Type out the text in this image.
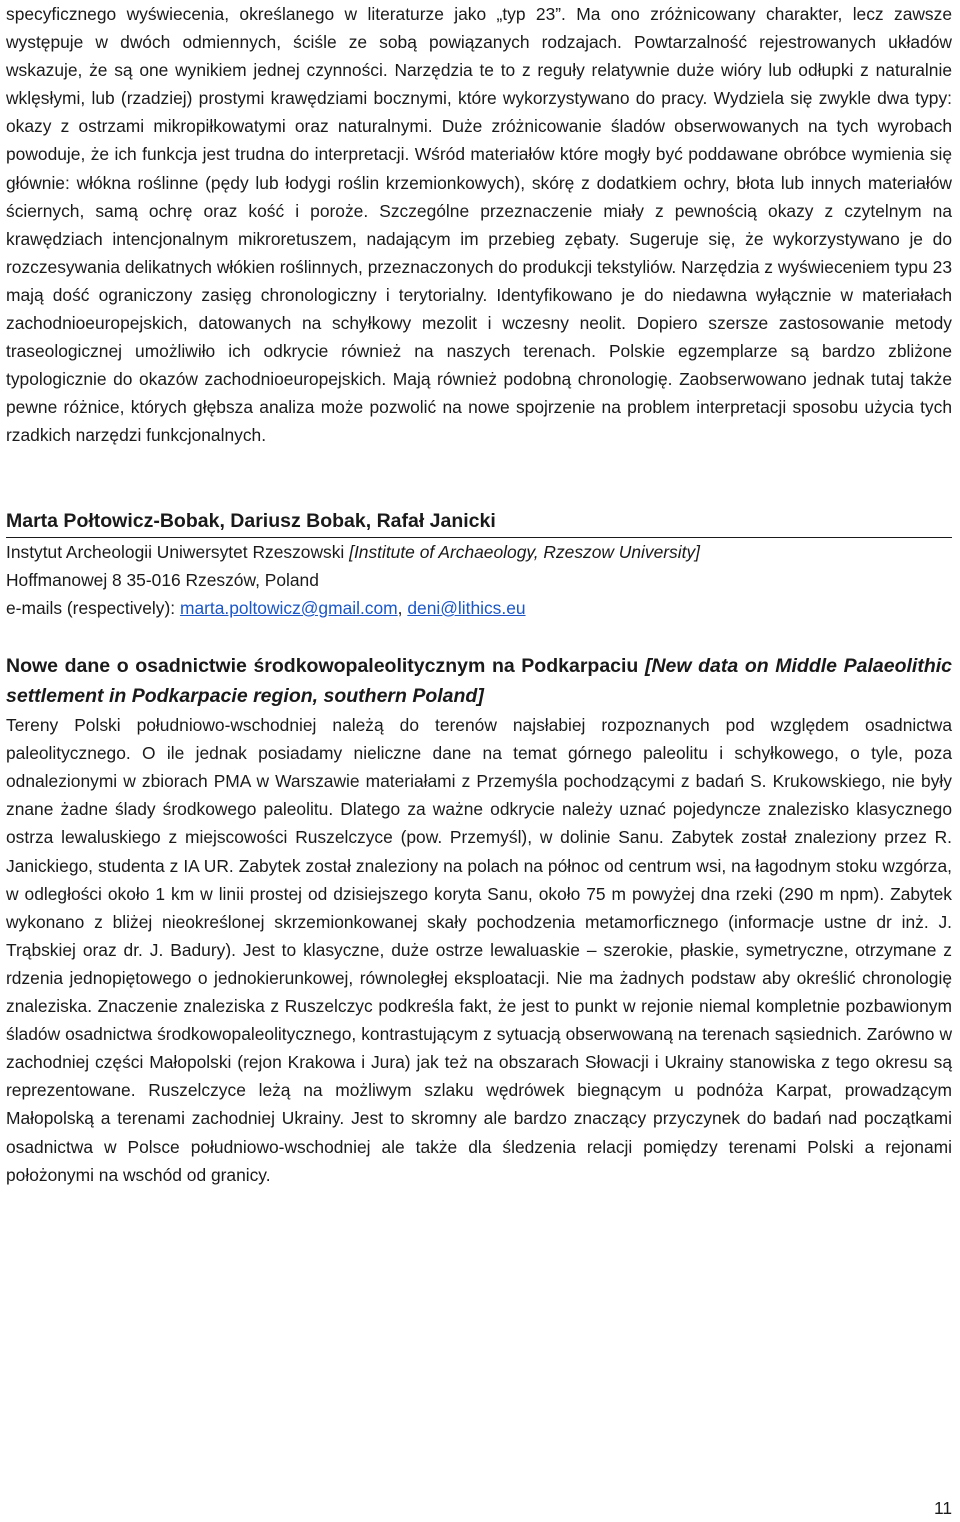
specyficznego wyświecenia, określanego w literaturze jako „typ 23”. Ma ono zróżnicowany charakter, lecz zawsze występuje w dwóch odmiennych, ściśle ze sobą powiązanych rodzajach. Powtarzalność rejestrowanych układów wskazuje, że są one wynikiem jednej czynności. Narzędzia te to z reguły relatywnie duże wióry lub odłupki z naturalnie wklęsłymi, lub (rzadziej) prostymi krawędziami bocznymi, które wykorzystywano do pracy. Wydziela się zwykle dwa typy: okazy z ostrzami mikropiłkowatymi oraz naturalnymi. Duże zróżnicowanie śladów obserwowanych na tych wyrobach powoduje, że ich funkcja jest trudna do interpretacji. Wśród materiałów które mogły być poddawane obróbce wymienia się głównie: włókna roślinne (pędy lub łodygi roślin krzemionkowych), skórę z dodatkiem ochry, błota lub innych materiałów ściernych, samą ochrę oraz kość i poroże. Szczególne przeznaczenie miały z pewnością okazy z czytelnym na krawędziach intencjonalnym mikroretuszem, nadającym im przebieg zębaty. Sugeruje się, że wykorzystywano je do rozczesywania delikatnych włókien roślinnych, przeznaczonych do produkcji tekstyliów. Narzędzia z wyświeceniem typu 23 mają dość ograniczony zasięg chronologiczny i terytorialny. Identyfikowano je do niedawna wyłącznie w materiałach zachodnioeuropejskich, datowanych na schyłkowy mezolit i wczesny neolit. Dopiero szersze zastosowanie metody traseologicznej umożliwiło ich odkrycie również na naszych terenach. Polskie egzemplarze są bardzo zbliżone typologicznie do okazów zachodnioeuropejskich. Mają również podobną chronologię. Zaobserwowano jednak tutaj także pewne różnice, których głębsza analiza może pozwolić na nowe spojrzenie na problem interpretacji sposobu użycia tych rzadkich narzędzi funkcjonalnych.

Marta Połtowicz-Bobak, Dariusz Bobak, Rafał Janicki

Instytut Archeologii Uniwersytet Rzeszowski [Institute of Archaeology, Rzeszow University]

Hoffmanowej 8 35-016 Rzeszów, Poland

e-mails (respectively): marta.poltowicz@gmail.com, deni@lithics.eu

Nowe dane o osadnictwie środkowopaleolitycznym na Podkarpaciu [New data on Middle Palaeolithic settlement in Podkarpacie region, southern Poland]

Tereny Polski południowo-wschodniej należą do terenów najsłabiej rozpoznanych pod względem osadnictwa paleolitycznego. O ile jednak posiadamy nieliczne dane na temat górnego paleolitu i schyłkowego, o tyle, poza odnalezionymi w zbiorach PMA w Warszawie materiałami z Przemyśla pochodzącymi z badań S. Krukowskiego, nie były znane żadne ślady środkowego paleolitu. Dlatego za ważne odkrycie należy uznać pojedyncze znalezisko klasycznego ostrza lewaluskiego z miejscowości Ruszelczyce (pow. Przemyśl), w dolinie Sanu. Zabytek został znaleziony przez R. Janickiego, studenta z IA UR. Zabytek został znaleziony na polach na północ od centrum wsi, na łagodnym stoku wzgórza, w odległości około 1 km w linii prostej od dzisiejszego koryta Sanu, około 75 m powyżej dna rzeki (290 m npm). Zabytek wykonano z bliżej nieokreślonej skrzemionkowanej skały pochodzenia metamorficznego (informacje ustne dr inż. J. Trąbskiej oraz dr. J. Badury). Jest to klasyczne, duże ostrze lewaluaskie – szerokie, płaskie, symetryczne, otrzymane z rdzenia jednopiętowego o jednokierunkowej, równoległej eksploatacji. Nie ma żadnych podstaw aby określić chronologię znaleziska. Znaczenie znaleziska z Ruszelczyc podkreśla fakt, że jest to punkt w rejonie niemal kompletnie pozbawionym śladów osadnictwa środkowopaleolitycznego, kontrastującym z sytuacją obserwowaną na terenach sąsiednich. Zarówno w zachodniej części Małopolski (rejon Krakowa i Jura) jak też na obszarach Słowacji i Ukrainy stanowiska z tego okresu są reprezentowane. Ruszelczyce leżą na możliwym szlaku wędrówek biegnącym u podnóża Karpat, prowadzącym Małopolską a terenami zachodniej Ukrainy. Jest to skromny ale bardzo znaczący przyczynek do badań nad początkami osadnictwa w Polsce południowo-wschodniej ale także dla śledzenia relacji pomiędzy terenami Polski a rejonami położonymi na wschód od granicy.

11
